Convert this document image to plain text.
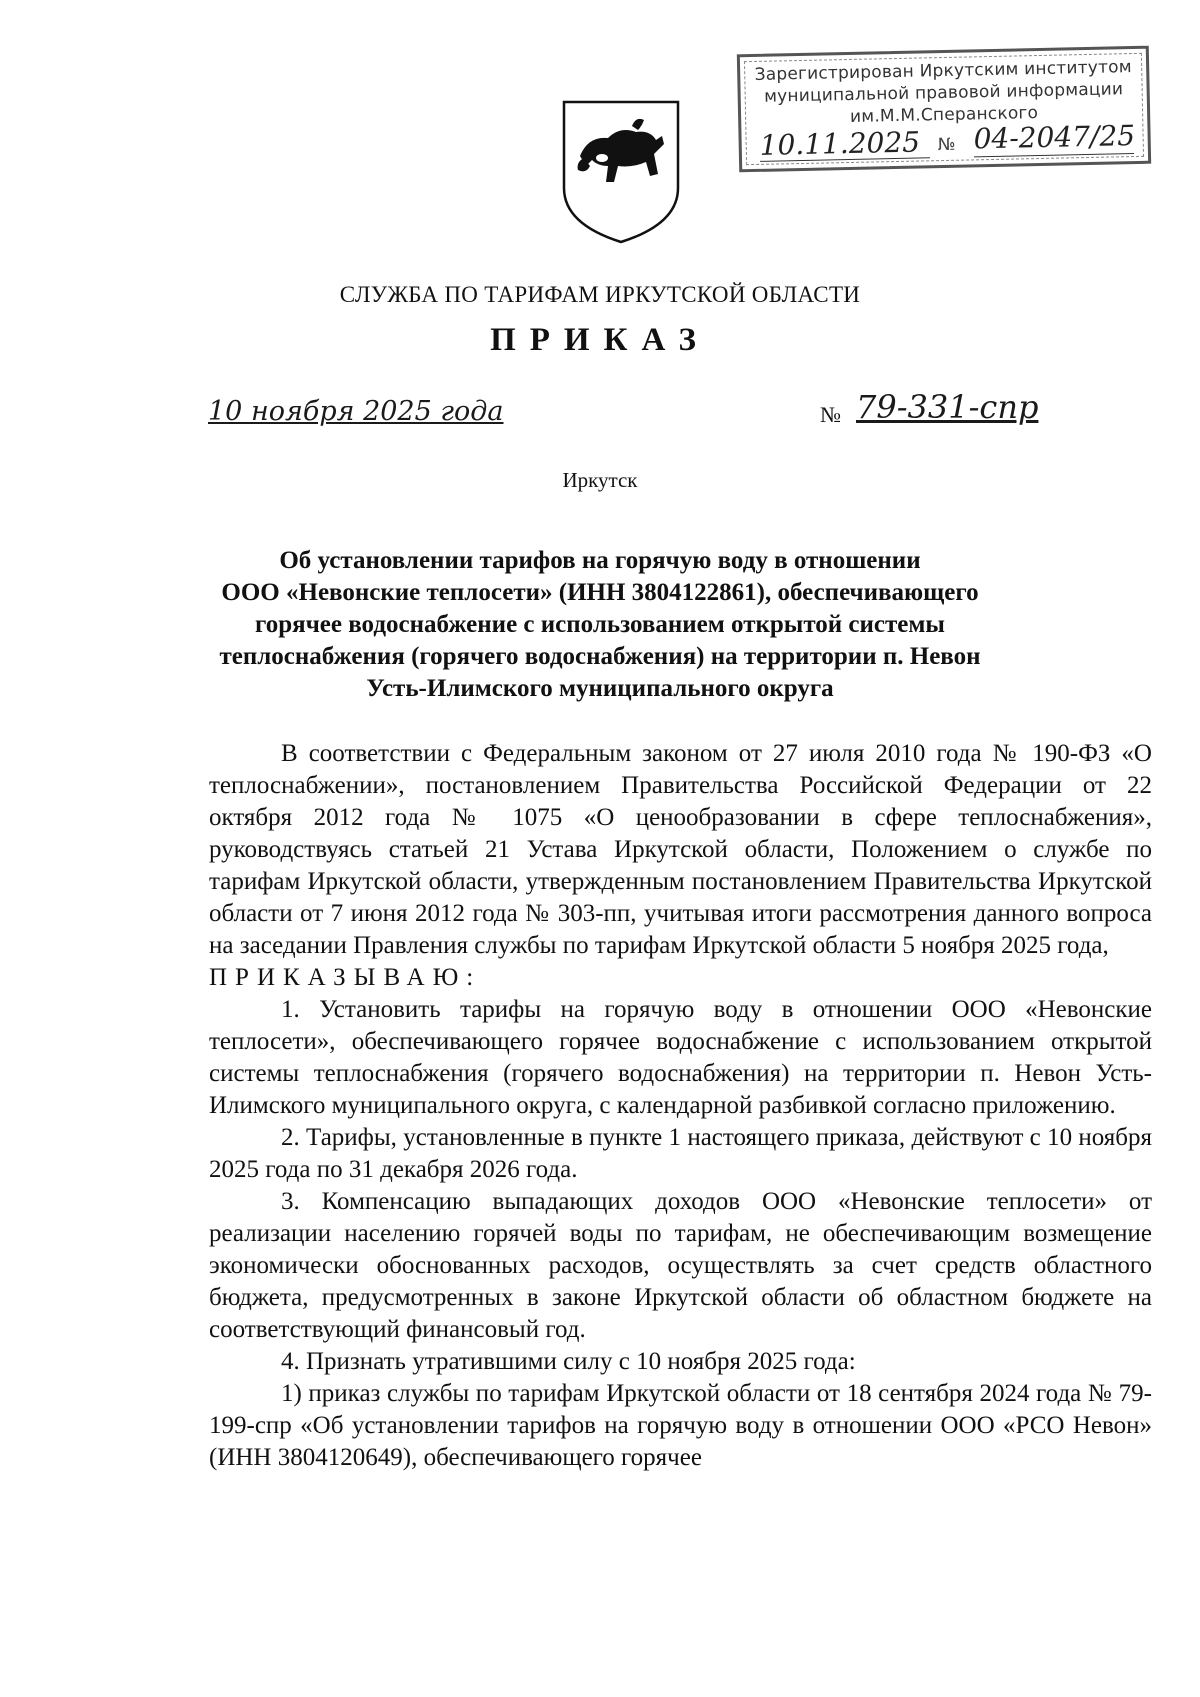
Зарегистрирован Иркутским институтом
муниципальной правовой информации
им.М.М.Сперанского
10.11.2025 № 04-2047/25
СЛУЖБА ПО ТАРИФАМ ИРКУТСКОЙ ОБЛАСТИ
ПРИКАЗ
10 ноября 2025 года	№ 79-331-спр
Иркутск
Об установлении тарифов на горячую воду в отношении
ООО «Невонские теплосети» (ИНН 3804122861), обеспечивающего
горячее водоснабжение с использованием открытой системы
теплоснабжения (горячего водоснабжения) на территории п. Невон
Усть-Илимского муниципального округа

В соответствии с Федеральным законом от 27 июля 2010 года № 190-ФЗ «О теплоснабжении», постановлением Правительства Российской Федерации от 22 октября 2012 года № 1075 «О ценообразовании в сфере теплоснабжения», руководствуясь статьей 21 Устава Иркутской области, Положением о службе по тарифам Иркутской области, утвержденным постановлением Правительства Иркутской области от 7 июня 2012 года № 303-пп, учитывая итоги рассмотрения данного вопроса на заседании Правления службы по тарифам Иркутской области 5 ноября 2025 года,

ПРИКАЗЫВАЮ:

1. Установить тарифы на горячую воду в отношении ООО «Невонские теплосети», обеспечивающего горячее водоснабжение с использованием открытой системы теплоснабжения (горячего водоснабжения) на территории п. Невон Усть-Илимского муниципального округа, с календарной разбивкой согласно приложению.

2. Тарифы, установленные в пункте 1 настоящего приказа, действуют с 10 ноября 2025 года по 31 декабря 2026 года.

3. Компенсацию выпадающих доходов ООО «Невонские теплосети» от реализации населению горячей воды по тарифам, не обеспечивающим возмещение экономически обоснованных расходов, осуществлять за счет средств областного бюджета, предусмотренных в законе Иркутской области об областном бюджете на соответствующий финансовый год.

4. Признать утратившими силу с 10 ноября 2025 года:

1) приказ службы по тарифам Иркутской области от 18 сентября 2024 года № 79-199-спр «Об установлении тарифов на горячую воду в отношении ООО «РСО Невон» (ИНН 3804120649), обеспечивающего горячее
